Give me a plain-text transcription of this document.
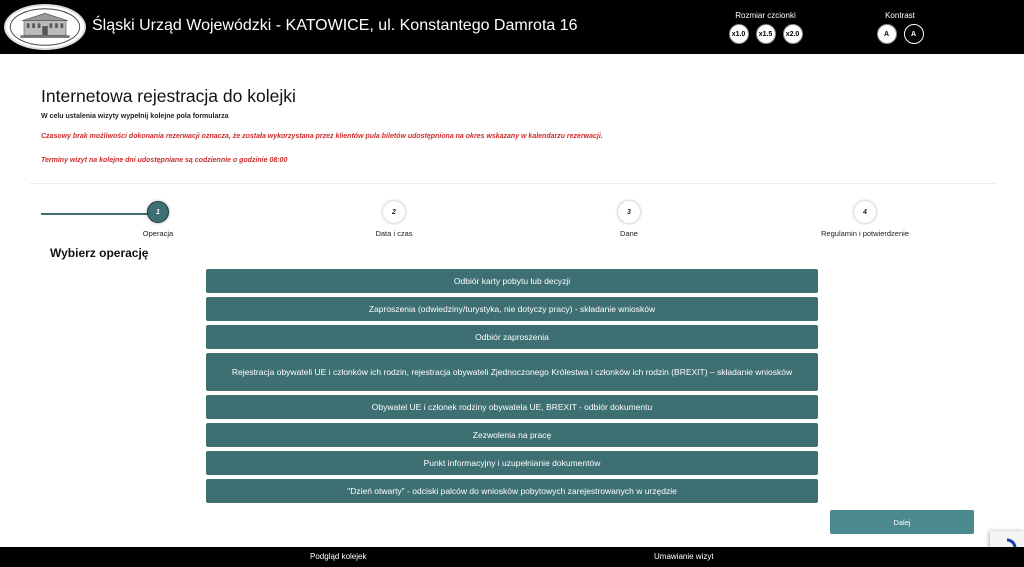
Śląski Urząd Wojewódzki - KATOWICE, ul. Konstantego Damrota 16
Rozmiar czcionki
x1.0	x1.5	x2.0
Kontrast
A	A
Internetowa rejestracja do kolejki
W celu ustalenia wizyty wypełnij kolejne pola formularza
Czasowy brak możliwości dokonania rezerwacji oznacza, że została wykorzystana przez klientów pula biletów udostępniona na okres wskazany w kalendarzu rezerwacji.
Terminy wizyt na kolejne dni udostępniane są codziennie o godzinie 08:00
1
Operacja
2
Data i czas
3
Dane
4
Regulamin i potwierdzenie
Wybierz operację
Odbiór karty pobytu lub decyzji
Zaproszenia (odwiedziny/turystyka, nie dotyczy pracy) - składanie wniosków
Odbiór zaproszenia
Rejestracja obywateli UE i członków ich rodzin, rejestracja obywateli Zjednoczonego Królestwa i członków ich rodzin (BREXIT) – składanie wniosków
Obywatel UE i członek rodziny obywatela UE, BREXIT - odbiór dokumentu
Zezwolenia na pracę
Punkt informacyjny i uzupełnianie dokumentów
"Dzień otwarty" - odciski palców do wniosków pobytowych zarejestrowanych w urzędzie
Dalej
Podgląd kolejek	Umawianie wizyt
